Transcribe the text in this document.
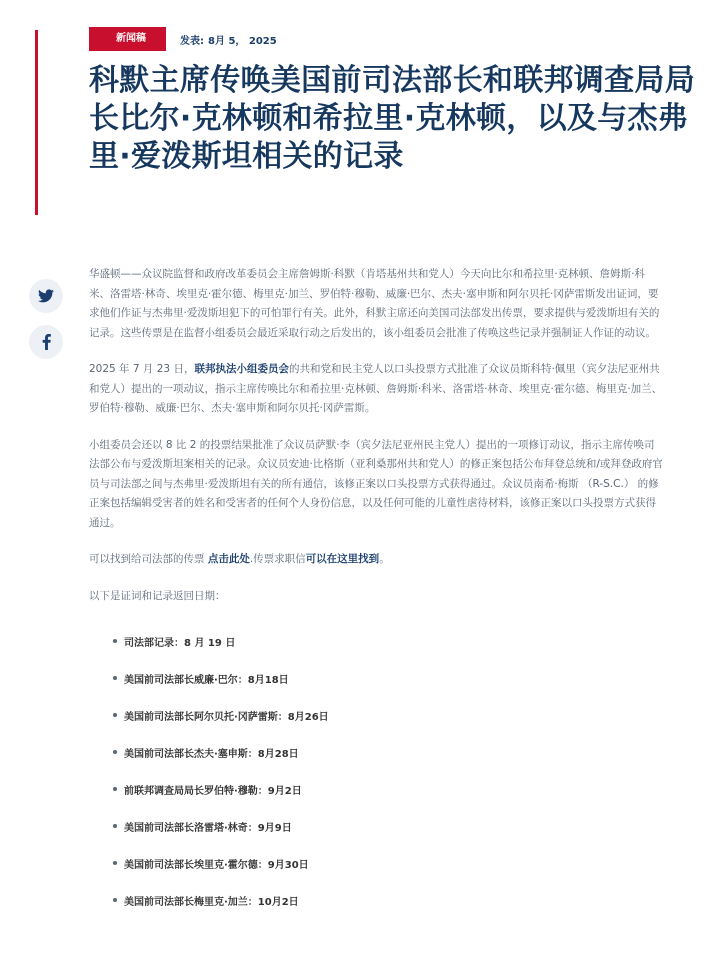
新闻稿	发表: 8月 5， 2025
科默主席传唤美国前司法部长和联邦调查局局长比尔·克林顿和希拉里·克林顿，以及与杰弗里·爱泼斯坦相关的记录

华盛顿——众议院监督和政府改革委员会主席詹姆斯·科默（肯塔基州共和党人）今天向比尔和希拉里·克林顿、詹姆斯·科米、洛雷塔·林奇、埃里克·霍尔德、梅里克·加兰、罗伯特·穆勒、威廉·巴尔、杰夫·塞申斯和阿尔贝托·冈萨雷斯发出证词，要求他们作证与杰弗里·爱泼斯坦犯下的可怕罪行有关。此外，科默主席还向美国司法部发出传票，要求提供与爱泼斯坦有关的记录。这些传票是在监督小组委员会最近采取行动之后发出的，该小组委员会批准了传唤这些记录并强制证人作证的动议。

2025 年 7 月 23 日，联邦执法小组委员会的共和党和民主党人以口头投票方式批准了众议员斯科特·佩里（宾夕法尼亚州共和党人）提出的一项动议，指示主席传唤比尔和希拉里·克林顿、詹姆斯·科米、洛雷塔·林奇、埃里克·霍尔德、梅里克·加兰、罗伯特·穆勒、威廉·巴尔、杰夫·塞申斯和阿尔贝托·冈萨雷斯。

小组委员会还以 8 比 2 的投票结果批准了众议员萨默·李（宾夕法尼亚州民主党人）提出的一项修订动议，指示主席传唤司法部公布与爱泼斯坦案相关的记录。众议员安迪·比格斯（亚利桑那州共和党人）的修正案包括公布拜登总统和/或拜登政府官员与司法部之间与杰弗里·爱泼斯坦有关的所有通信，该修正案以口头投票方式获得通过。众议员南希·梅斯 （R-S.C.） 的修正案包括编辑受害者的姓名和受害者的任何个人身份信息，以及任何可能的儿童性虐待材料，该修正案以口头投票方式获得通过。

可以找到给司法部的传票 点击此处.传票求职信可以在这里找到。

以下是证词和记录返回日期：

司法部记录：8 月 19 日
美国前司法部长威廉·巴尔：8月18日
美国前司法部长阿尔贝托·冈萨雷斯：8月26日
美国前司法部长杰夫·塞申斯：8月28日
前联邦调查局局长罗伯特·穆勒：9月2日
美国前司法部长洛雷塔·林奇：9月9日
美国前司法部长埃里克·霍尔德：9月30日
美国前司法部长梅里克·加兰：10月2日
